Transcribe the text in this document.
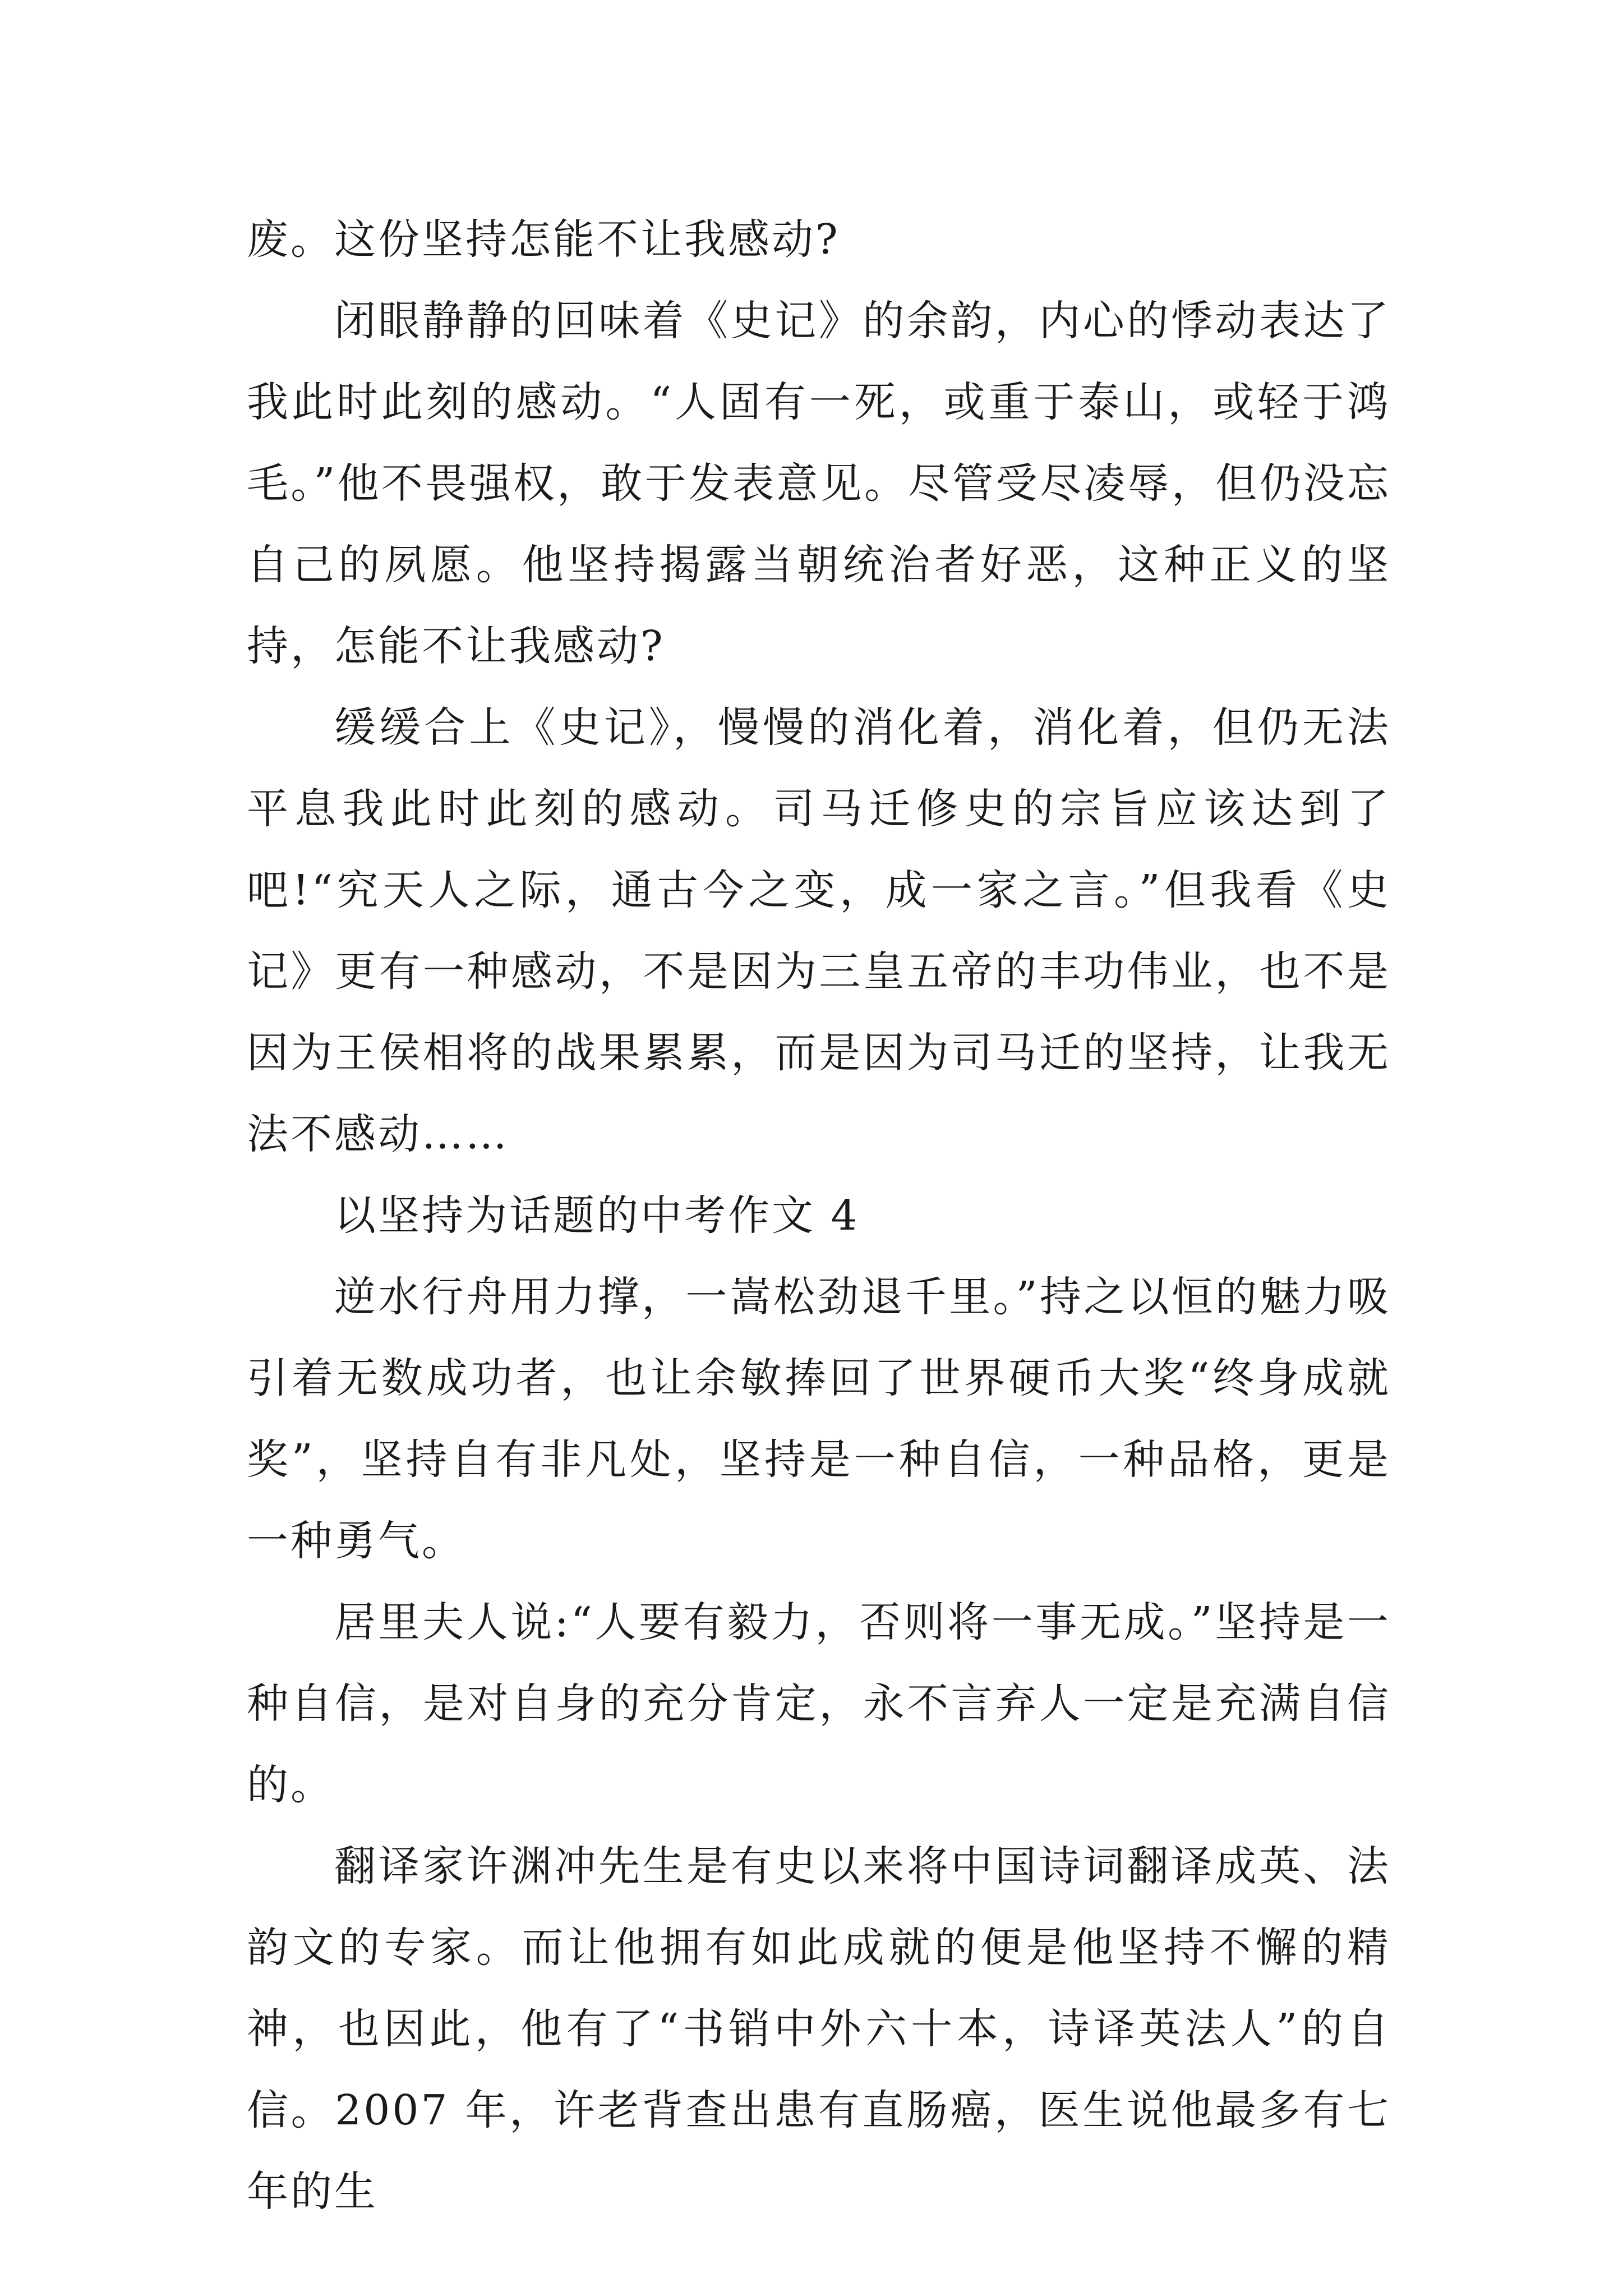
废。这份坚持怎能不让我感动?

闭眼静静的回味着《史记》的余韵，内心的悸动表达了我此时此刻的感动。“人固有一死，或重于泰山，或轻于鸿毛。”他不畏强权，敢于发表意见。尽管受尽凌辱，但仍没忘自己的夙愿。他坚持揭露当朝统治者好恶，这种正义的坚持，怎能不让我感动?

缓缓合上《史记》，慢慢的消化着，消化着，但仍无法平息我此时此刻的感动。司马迁修史的宗旨应该达到了吧!“究天人之际，通古今之变，成一家之言。”但我看《史记》更有一种感动，不是因为三皇五帝的丰功伟业，也不是因为王侯相将的战果累累，而是因为司马迁的坚持，让我无法不感动……

以坚持为话题的中考作文 4

逆水行舟用力撑，一嵩松劲退千里。”持之以恒的魅力吸引着无数成功者，也让余敏捧回了世界硬币大奖“终身成就奖”，坚持自有非凡处，坚持是一种自信，一种品格，更是一种勇气。

居里夫人说:“人要有毅力，否则将一事无成。”坚持是一种自信，是对自身的充分肯定，永不言弃人一定是充满自信的。

翻译家许渊冲先生是有史以来将中国诗词翻译成英、法韵文的专家。而让他拥有如此成就的便是他坚持不懈的精神，也因此，他有了“书销中外六十本，诗译英法人”的自信。2007 年，许老背查出患有直肠癌，医生说他最多有七年的生
